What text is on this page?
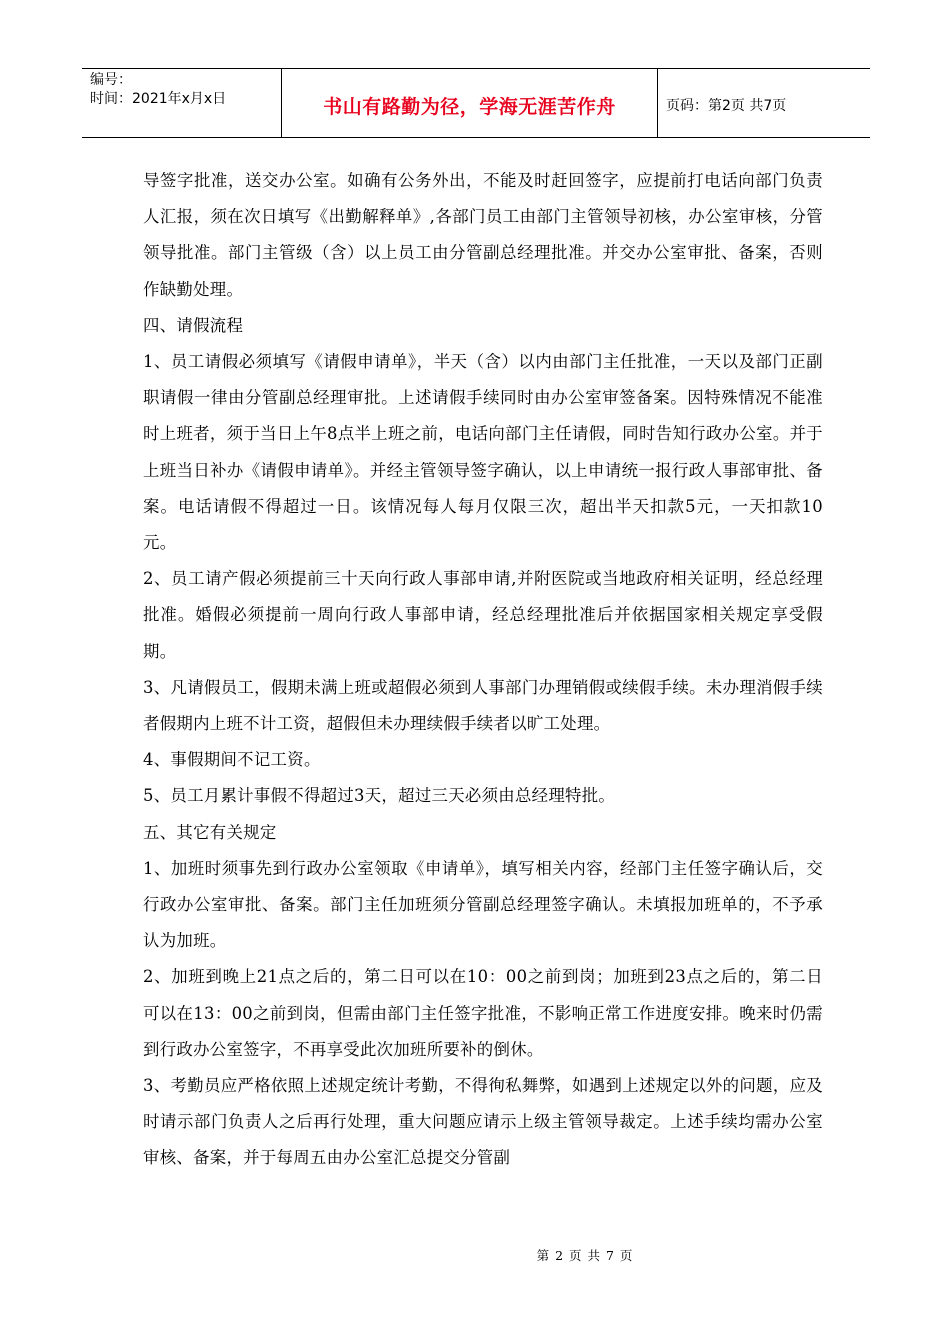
编号：
时间：2021年x月x日	书山有路勤为径，学海无涯苦作舟	页码：第2页 共7页

导签字批准，送交办公室。如确有公务外出，不能及时赶回签字，应提前打电话向部门负责人汇报，须在次日填写《出勤解释单》,各部门员工由部门主管领导初核，办公室审核，分管领导批准。部门主管级（含）以上员工由分管副总经理批准。并交办公室审批、备案，否则作缺勤处理。

四、请假流程

1、员工请假必须填写《请假申请单》，半天（含）以内由部门主任批准，一天以及部门正副职请假一律由分管副总经理审批。上述请假手续同时由办公室审签备案。因特殊情况不能准时上班者，须于当日上午8点半上班之前，电话向部门主任请假，同时告知行政办公室。并于上班当日补办《请假申请单》。并经主管领导签字确认，以上申请统一报行政人事部审批、备案。电话请假不得超过一日。该情况每人每月仅限三次，超出半天扣款5元，一天扣款10元。

2、员工请产假必须提前三十天向行政人事部申请,并附医院或当地政府相关证明，经总经理批准。婚假必须提前一周向行政人事部申请，经总经理批准后并依据国家相关规定享受假期。

3、凡请假员工，假期未满上班或超假必须到人事部门办理销假或续假手续。未办理消假手续者假期内上班不计工资，超假但未办理续假手续者以旷工处理。

4、事假期间不记工资。

5、员工月累计事假不得超过3天，超过三天必须由总经理特批。

五、其它有关规定

1、加班时须事先到行政办公室领取《申请单》，填写相关内容，经部门主任签字确认后，交行政办公室审批、备案。部门主任加班须分管副总经理签字确认。未填报加班单的，不予承认为加班。

2、加班到晚上21点之后的，第二日可以在10：00之前到岗；加班到23点之后的，第二日可以在13：00之前到岗，但需由部门主任签字批准，不影响正常工作进度安排。晚来时仍需到行政办公室签字，不再享受此次加班所要补的倒休。

3、考勤员应严格依照上述规定统计考勤，不得徇私舞弊，如遇到上述规定以外的问题，应及时请示部门负责人之后再行处理，重大问题应请示上级主管领导裁定。上述手续均需办公室审核、备案，并于每周五由办公室汇总提交分管副

第 2 页 共 7 页
